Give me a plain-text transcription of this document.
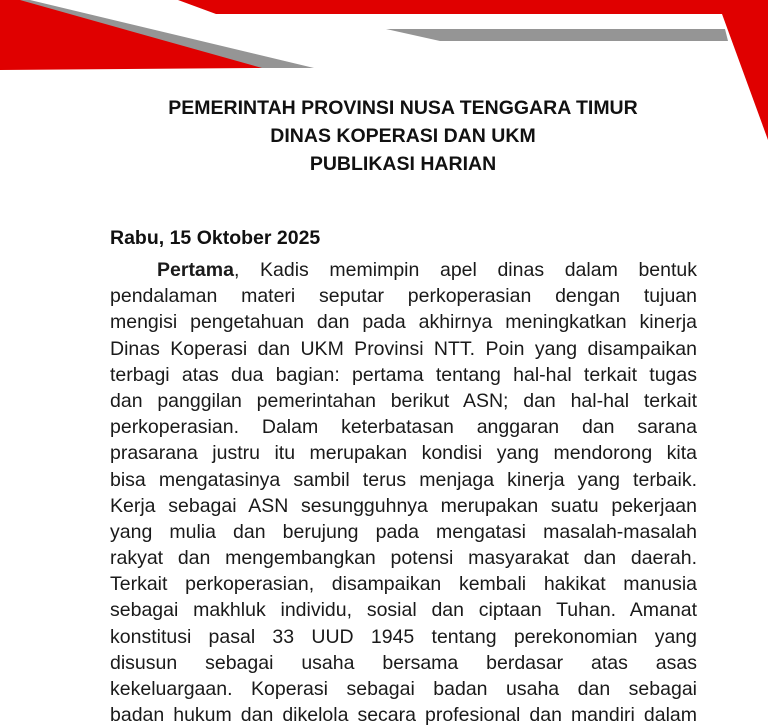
PEMERINTAH PROVINSI NUSA TENGGARA TIMUR
DINAS KOPERASI DAN UKM
PUBLIKASI HARIAN
Rabu, 15 Oktober 2025
Pertama, Kadis memimpin apel dinas dalam bentuk
pendalaman materi seputar perkoperasian dengan tujuan
mengisi pengetahuan dan pada akhirnya meningkatkan kinerja
Dinas Koperasi dan UKM Provinsi NTT. Poin yang disampaikan
terbagi atas dua bagian: pertama tentang hal-hal terkait tugas
dan panggilan pemerintahan berikut ASN; dan hal-hal terkait
perkoperasian. Dalam keterbatasan anggaran dan sarana
prasarana justru itu merupakan kondisi yang mendorong kita
bisa mengatasinya sambil terus menjaga kinerja yang terbaik.
Kerja sebagai ASN sesungguhnya merupakan suatu pekerjaan
yang mulia dan berujung pada mengatasi masalah-masalah
rakyat dan mengembangkan potensi masyarakat dan daerah.
Terkait perkoperasian, disampaikan kembali hakikat manusia
sebagai makhluk individu, sosial dan ciptaan Tuhan. Amanat
konstitusi pasal 33 UUD 1945 tentang perekonomian yang
disusun sebagai usaha bersama berdasar atas asas
kekeluargaan. Koperasi sebagai badan usaha dan sebagai
badan hukum dan dikelola secara profesional dan mandiri dalam
